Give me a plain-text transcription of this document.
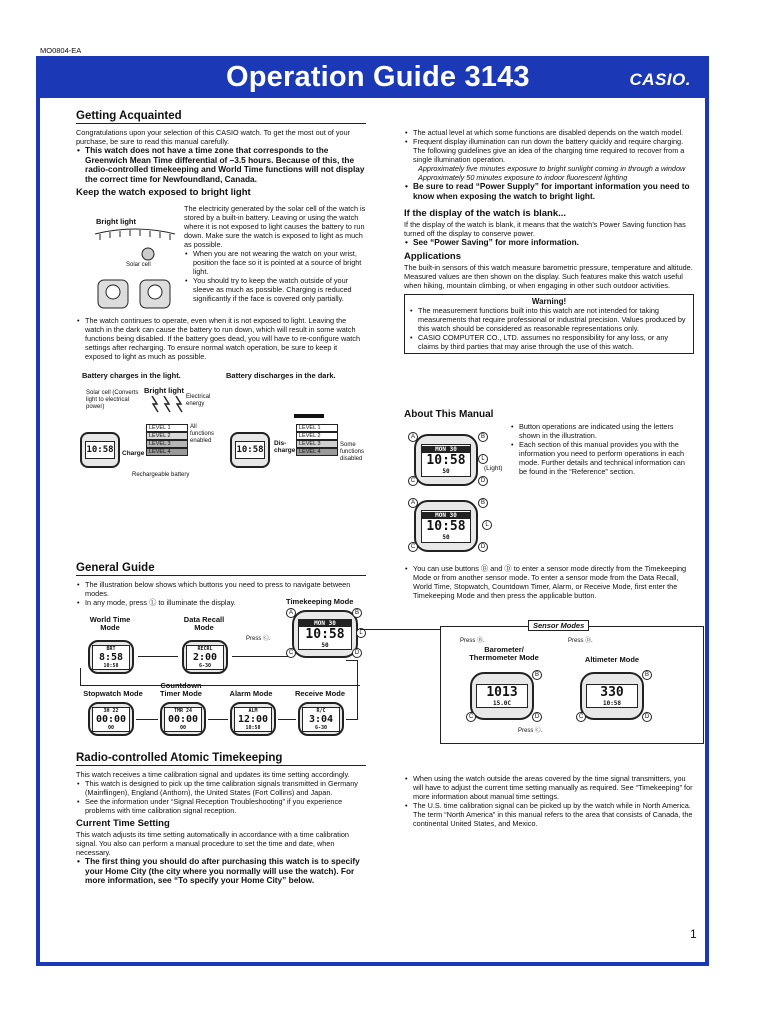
MO0804-EA
Operation Guide 3143	CASIO.
Getting Acquainted

Congratulations upon your selection of this CASIO watch. To get the most out of your purchase, be sure to read this manual carefully.

• This watch does not have a time zone that corresponds to the Greenwich Mean Time differential of –3.5 hours. Because of this, the radio-controlled timekeeping and World Time functions will not display the correct time for Newfoundland, Canada.

Keep the watch exposed to bright light
Bright light
Solar cell

The electricity generated by the solar cell of the watch is stored by a built-in battery. Leaving or using the watch where it is not exposed to light causes the battery to run down. Make sure the watch is exposed to light as much as possible.

• When you are not wearing the watch on your wrist, position the face so it is pointed at a source of bright light.

• You should try to keep the watch outside of your sleeve as much as possible. Charging is reduced significantly if the face is covered only partially.

• The watch continues to operate, even when it is not exposed to light. Leaving the watch in the dark can cause the battery to run down, which will result in some watch functions being disabled. If the battery goes dead, you will have to re-configure watch settings after recharging. To ensure normal watch operation, be sure to keep it exposed to light as much as possible.

Battery charges in the light.	Battery discharges in the dark.
Solar cell (Converts light to electrical power)
Bright light
Electrical energy
10:58
LEVEL 1
LEVEL 2
LEVEL 3
LEVEL 4
Charge
All functions enabled
Rechargeable battery
10:58
LEVEL 1
LEVEL 2
LEVEL 3
LEVEL 4
Dis-charge
Some functions disabled

• The actual level at which some functions are disabled depends on the watch model.

• Frequent display illumination can run down the battery quickly and require charging. The following guidelines give an idea of the charging time required to recover from a single illumination operation.

Approximately five minutes exposure to bright sunlight coming in through a window

Approximately 50 minutes exposure to indoor fluorescent lighting

• Be sure to read “Power Supply” for important information you need to know when exposing the watch to bright light.

If the display of the watch is blank...

If the display of the watch is blank, it means that the watch’s Power Saving function has turned off the display to conserve power.

• See “Power Saving” for more information.

Applications

The built-in sensors of this watch measure barometric pressure, temperature and altitude. Measured values are then shown on the display. Such features make this watch useful when hiking, mountain climbing, or when engaging in other such outdoor activities.

Warning!

• The measurement functions built into this watch are not intended for taking measurements that require professional or industrial precision. Values produced by this watch should be considered as reasonable representations only.

• CASIO COMPUTER CO., LTD. assumes no responsibility for any loss, or any claims by third parties that may arise through the use of this watch.

About This Manual

• Button operations are indicated using the letters shown in the illustration.

• Each section of this manual provides you with the information you need to perform operations in each mode. Further details and technical information can be found in the “Reference” section.

MON 30
10:58
50
A	B
L
C	D
(Light)
MON 30
10:58
50
A	B
L
C	D
General Guide

• The illustration below shows which buttons you need to press to navigate between modes.

• In any mode, press Ⓛ to illuminate the display.

• You can use buttons Ⓑ and Ⓓ to enter a sensor mode directly from the Timekeeping Mode or from another sensor mode. To enter a sensor mode from the Data Recall, World Time, Stopwatch, Countdown Timer, Alarm, or Receive Mode, first enter the Timekeeping Mode and then press the applicable button.

Timekeeping Mode
MON 30
10:58
50
A	B
L
C	D
Press Ⓒ.
World Time Mode
BRT
8:58
10:58
Data Recall Mode
RECRL
2:00
6-30
Stopwatch Mode
Countdown Timer Mode	Alarm Mode	Receive Mode
3H 22
00:00
00
TMR 24
00:00
00
ALM
12:00
10:58
R/C
3:04
6-30
Sensor Modes
Press Ⓑ.	Press Ⓓ.
Barometer/ Thermometer Mode	Altimeter Mode
1013
15.0C
330
10:58
B
C	D
B
C	D
Press Ⓒ.
Radio-controlled Atomic Timekeeping

This watch receives a time calibration signal and updates its time setting accordingly.

• This watch is designed to pick up the time calibration signals transmitted in Germany (Mainflingen), England (Anthorn), the United States (Fort Collins) and Japan.

• See the information under “Signal Reception Troubleshooting” if you experience problems with time calibration signal reception.

Current Time Setting

This watch adjusts its time setting automatically in accordance with a time calibration signal. You also can perform a manual procedure to set the time and date, when necessary.

• The first thing you should do after purchasing this watch is to specify your Home City (the city where you normally will use the watch). For more information, see “To specify your Home City” below.

• When using the watch outside the areas covered by the time signal transmitters, you will have to adjust the current time setting manually as required. See “Timekeeping” for more information about manual time settings.

• The U.S. time calibration signal can be picked up by the watch while in North America. The term “North America” in this manual refers to the area that consists of Canada, the continental United States, and Mexico.

1
